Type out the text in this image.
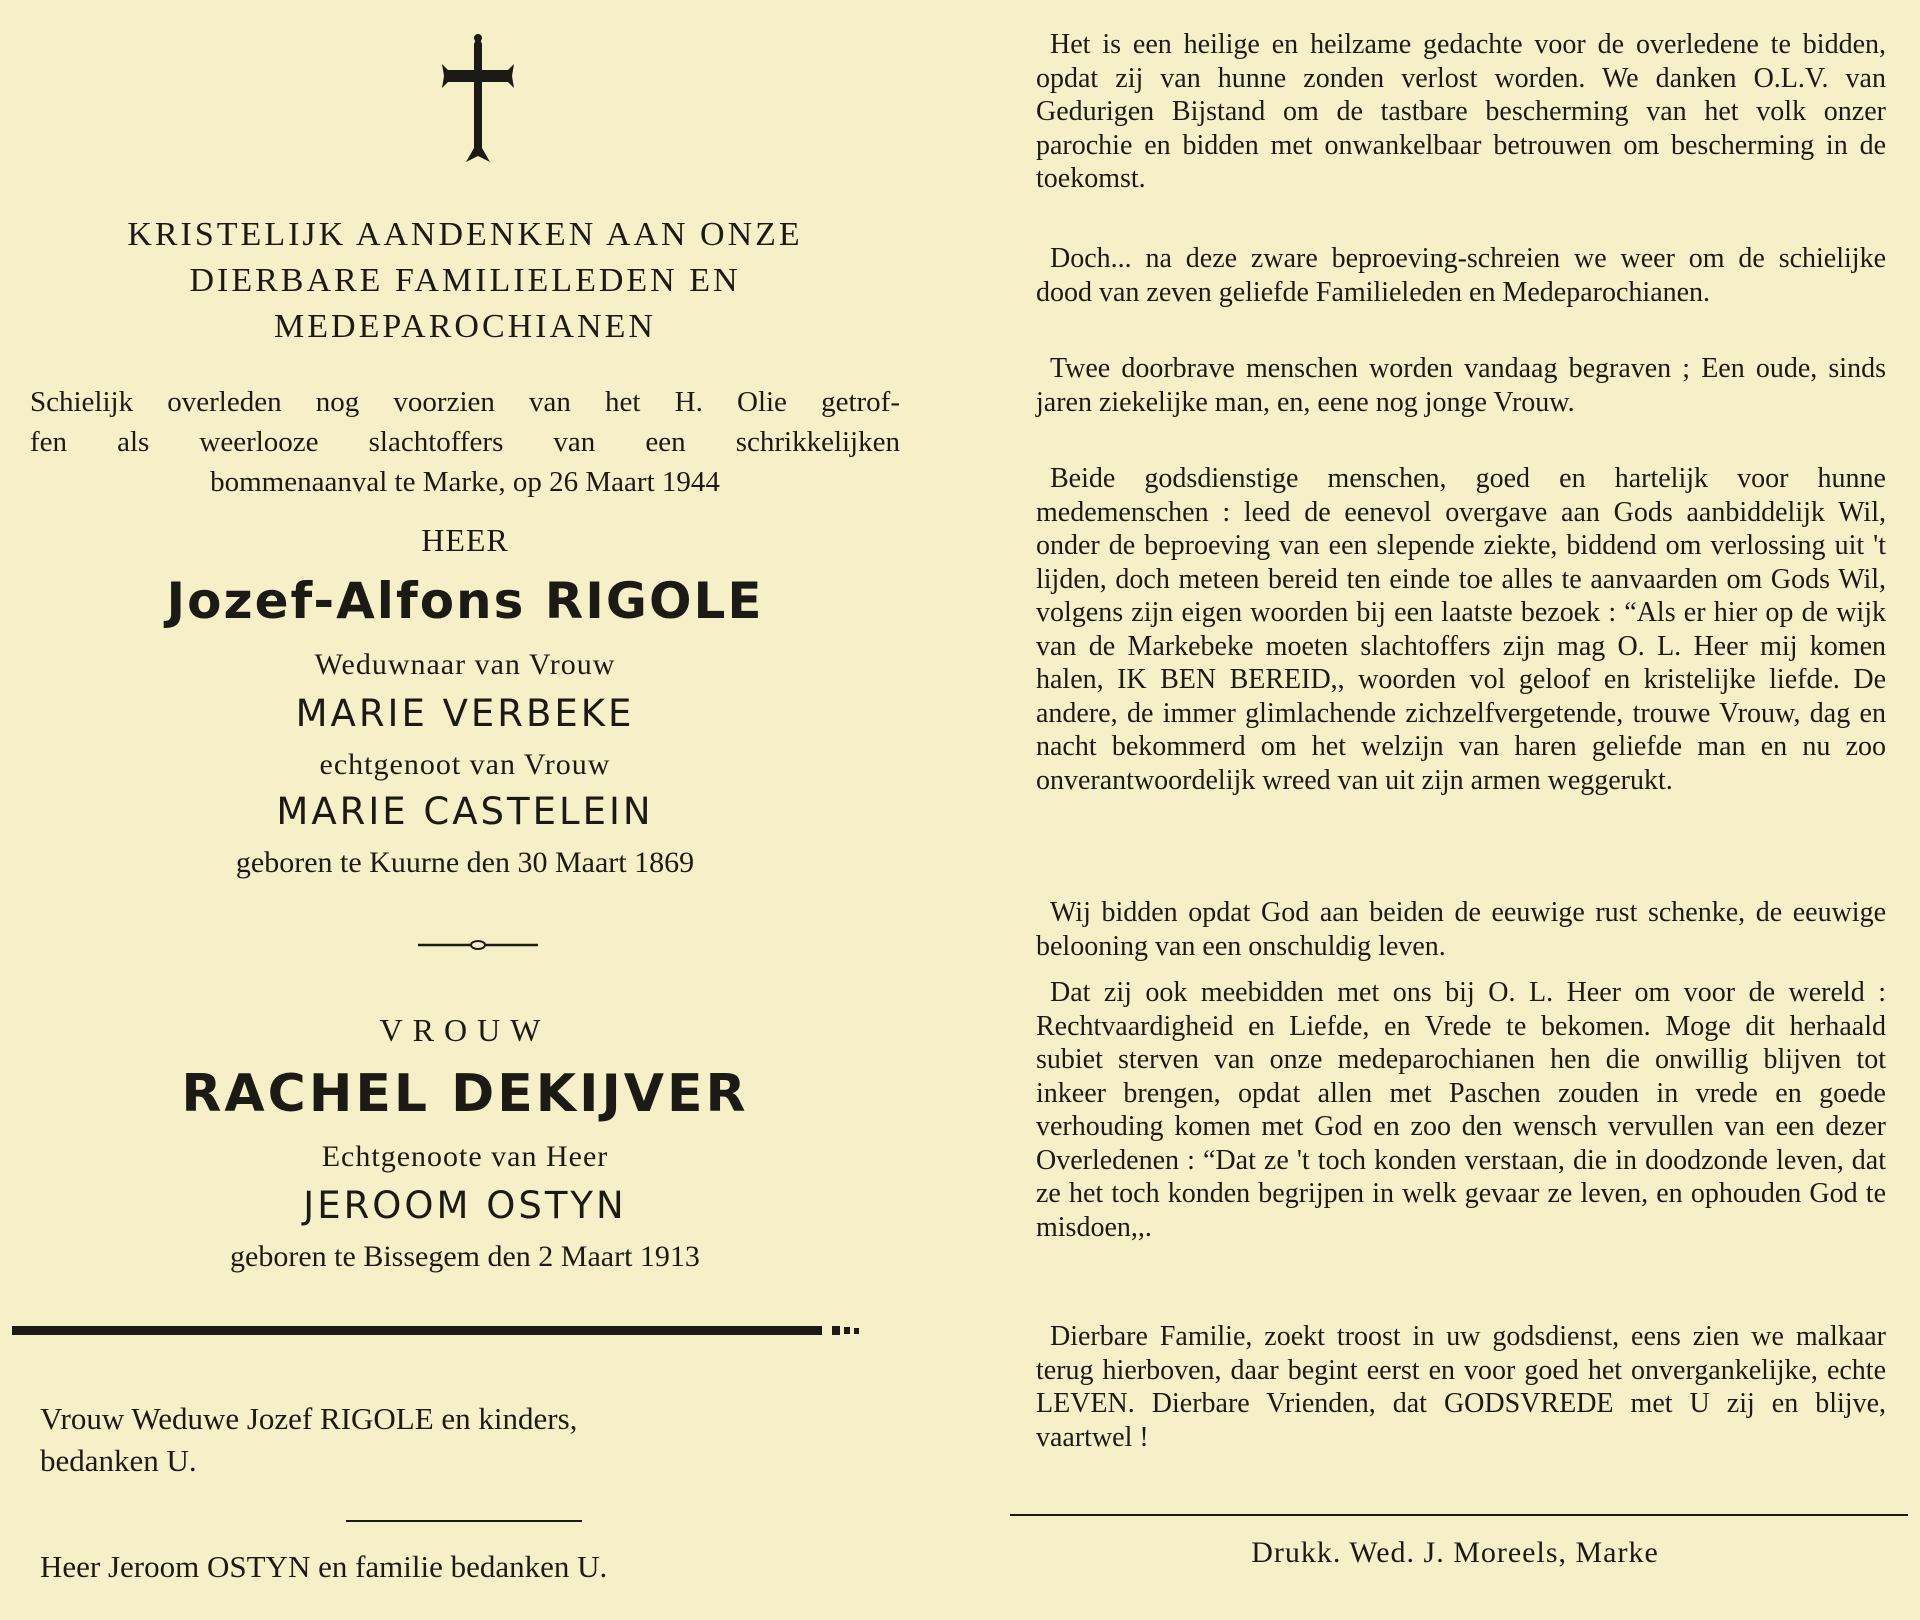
KRISTELIJK AANDENKEN AAN ONZE
DIERBARE FAMILIELEDEN EN
MEDEPAROCHIANEN
Schielijk overleden nog voorzien van het H. Olie getrof-
fen als weerlooze slachtoffers van een schrikkelijken
bommenaanval te Marke, op 26 Maart 1944
HEER
Jozef-Alfons RIGOLE
Weduwnaar van Vrouw
MARIE VERBEKE
echtgenoot van Vrouw
MARIE CASTELEIN
geboren te Kuurne den 30 Maart 1869
VROUW
RACHEL DEKIJVER
Echtgenoote van Heer
JEROOM OSTYN
geboren te Bissegem den 2 Maart 1913
Vrouw Weduwe Jozef RIGOLE en kinders,
bedanken U.
Heer Jeroom OSTYN en familie bedanken U.

Het is een heilige en heilzame gedachte voor de overledene te bidden, opdat zij van hunne zonden verlost worden. We danken O.L.V. van Gedurigen Bijstand om de tastbare bescherming van het volk onzer parochie en bidden met onwankelbaar betrouwen om bescherming in de toekomst.

Doch... na deze zware beproeving-schreien we weer om de schielijke dood van zeven geliefde Familieleden en Medeparochianen.

Twee doorbrave menschen worden vandaag begraven ; Een oude, sinds jaren ziekelijke man, en, eene nog jonge Vrouw.

Beide godsdienstige menschen, goed en hartelijk voor hunne medemenschen : leed de eenevol overgave aan Gods aanbiddelijk Wil, onder de beproeving van een slepende ziekte, biddend om verlossing uit 't lijden, doch meteen bereid ten einde toe alles te aanvaarden om Gods Wil, volgens zijn eigen woorden bij een laatste bezoek : “Als er hier op de wijk van de Markebeke moeten slachtoffers zijn mag O. L. Heer mij komen halen, IK BEN BEREID,, woorden vol geloof en kristelijke liefde. De andere, de immer glimlachende zichzelfvergetende, trouwe Vrouw, dag en nacht bekommerd om het welzijn van haren geliefde man en nu zoo onverantwoordelijk wreed van uit zijn armen weggerukt.

Wij bidden opdat God aan beiden de eeuwige rust schenke, de eeuwige belooning van een onschuldig leven.

Dat zij ook meebidden met ons bij O. L. Heer om voor de wereld : Rechtvaardigheid en Liefde, en Vrede te bekomen. Moge dit herhaald subiet sterven van onze medeparochianen hen die onwillig blijven tot inkeer brengen, opdat allen met Paschen zouden in vrede en goede verhouding komen met God en zoo den wensch vervullen van een dezer Overledenen : “Dat ze 't toch konden verstaan, die in doodzonde leven, dat ze het toch konden begrijpen in welk gevaar ze leven, en ophouden God te misdoen,,.

Dierbare Familie, zoekt troost in uw godsdienst, eens zien we malkaar terug hierboven, daar begint eerst en voor goed het onvergankelijke, echte LEVEN. Dierbare Vrienden, dat GODSVREDE met U zij en blijve, vaartwel !

Drukk. Wed. J. Moreels, Marke
